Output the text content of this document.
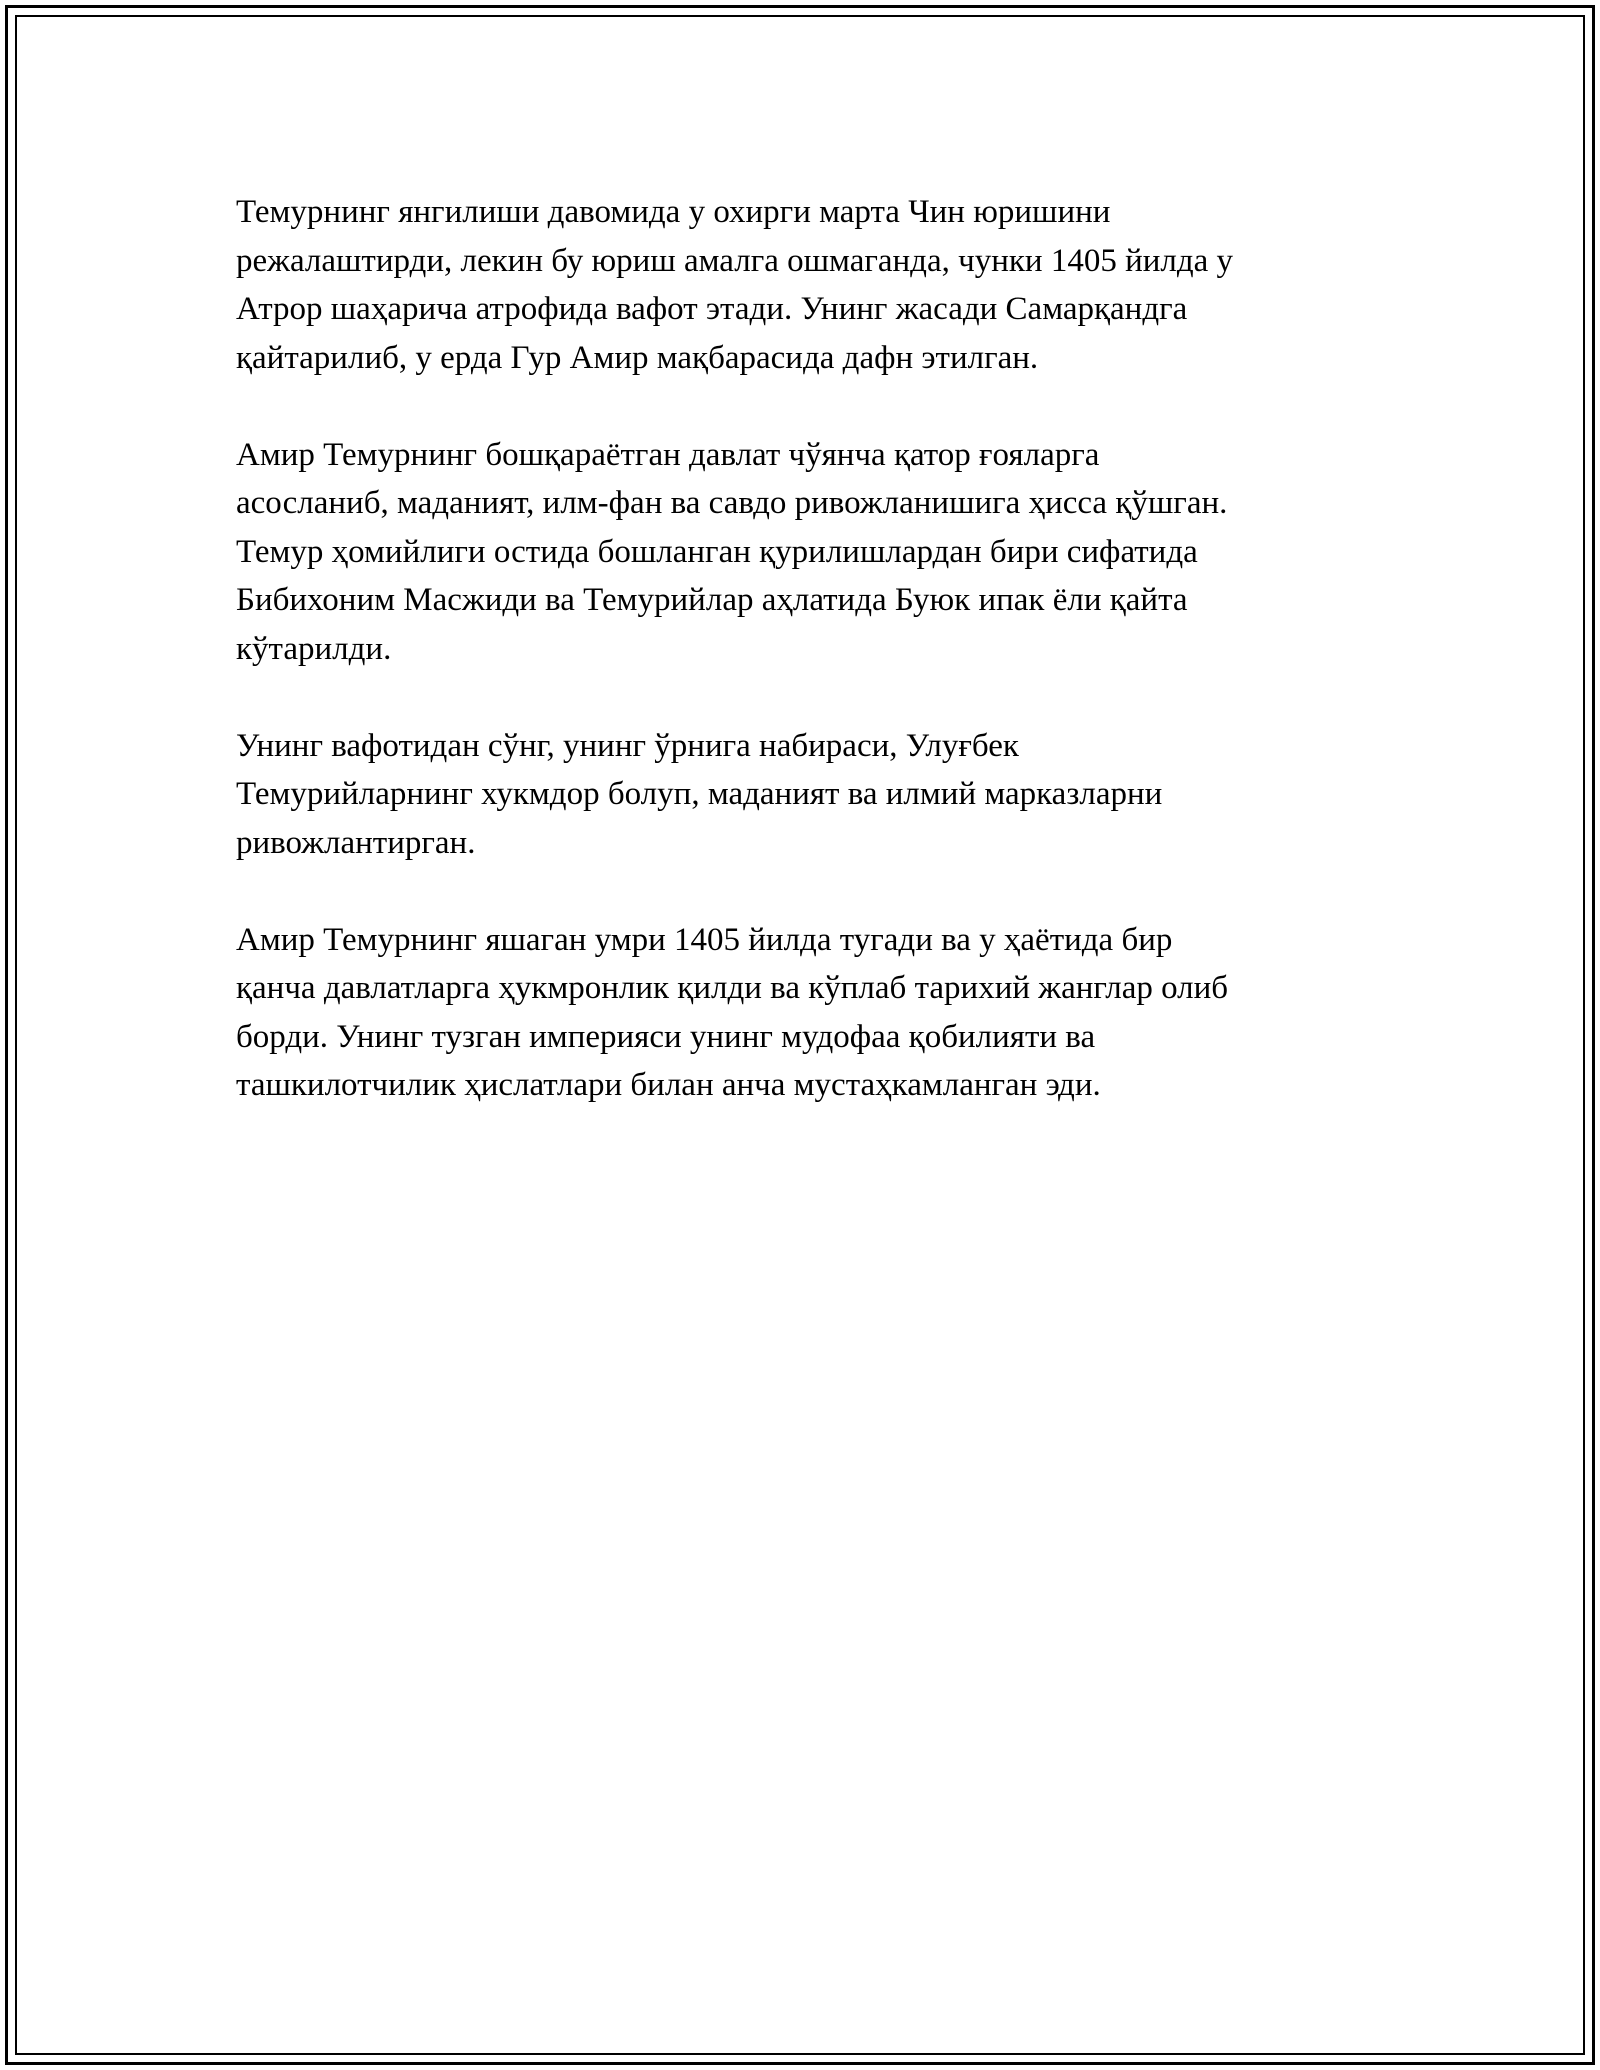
Темурнинг янгилиши давомида у охирги марта Чин юришини
режалаштирди, лекин бу юриш амалга ошмаганда, чунки 1405 йилда у
Атрор шаҳарича атрофида вафот этади. Унинг жасади Самарқандга
қайтарилиб, у ерда Гур Амир мақбарасида дафн этилган.

Амир Темурнинг бошқараётган давлат чўянча қатор ғояларга
асосланиб, маданият, илм-фан ва савдо ривожланишига ҳисса қўшган.
Темур ҳомийлиги остида бошланган қурилишлардан бири сифатида
Бибихоним Масжиди ва Темурийлар аҳлатида Буюк ипак ёли қайта
кўтарилди.

Унинг вафотидан сўнг, унинг ўрнига набираси, Улуғбек
Темурийларнинг хукмдор болуп, маданият ва илмий марказларни
ривожлантирган.

Амир Темурнинг яшаган умри 1405 йилда тугади ва у ҳаётида бир
қанча давлатларга ҳукмронлик қилди ва кўплаб тарихий жанглар олиб
борди. Унинг тузган империяси унинг мудофаа қобилияти ва
ташкилотчилик ҳислатлари билан анча мустаҳкамланган эди.
